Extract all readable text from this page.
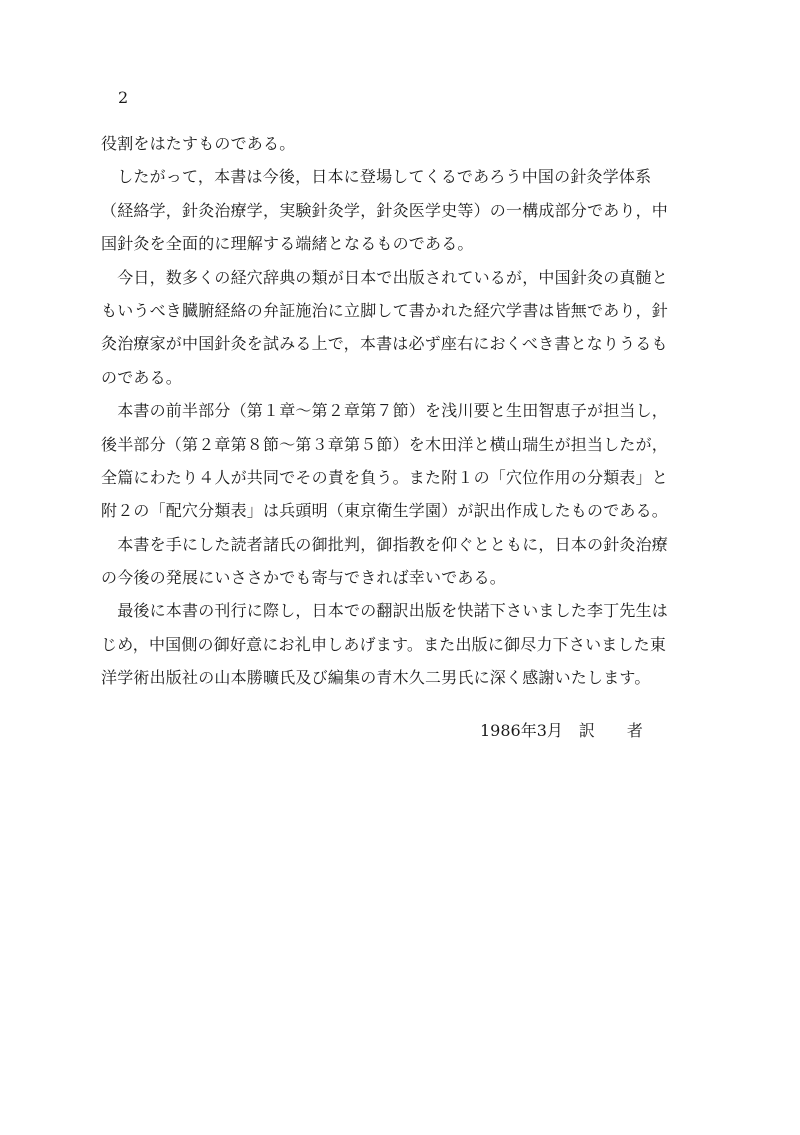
2
役割をはたすものである。
　したがって，本書は今後，日本に登場してくるであろう中国の針灸学体系
（経絡学，針灸治療学，実験針灸学，針灸医学史等）の一構成部分であり，中
国針灸を全面的に理解する端緒となるものである。
　今日，数多くの経穴辞典の類が日本で出版されているが，中国針灸の真髄と
もいうべき臓腑経絡の弁証施治に立脚して書かれた経穴学書は皆無であり，針
灸治療家が中国針灸を試みる上で，本書は必ず座右におくべき書となりうるも
のである。
　本書の前半部分（第１章～第２章第７節）を浅川要と生田智恵子が担当し，
後半部分（第２章第８節～第３章第５節）を木田洋と横山瑞生が担当したが，
全篇にわたり４人が共同でその責を負う。また附１の「穴位作用の分類表」と
附２の「配穴分類表」は兵頭明（東京衛生学園）が訳出作成したものである。
　本書を手にした読者諸氏の御批判，御指教を仰ぐとともに，日本の針灸治療
の今後の発展にいささかでも寄与できれば幸いである。
　最後に本書の刊行に際し，日本での翻訳出版を快諾下さいました李丁先生は
じめ，中国側の御好意にお礼申しあげます。また出版に御尽力下さいました東
洋学術出版社の山本勝曠氏及び編集の青木久二男氏に深く感謝いたします。
1986年3月　訳　　者
